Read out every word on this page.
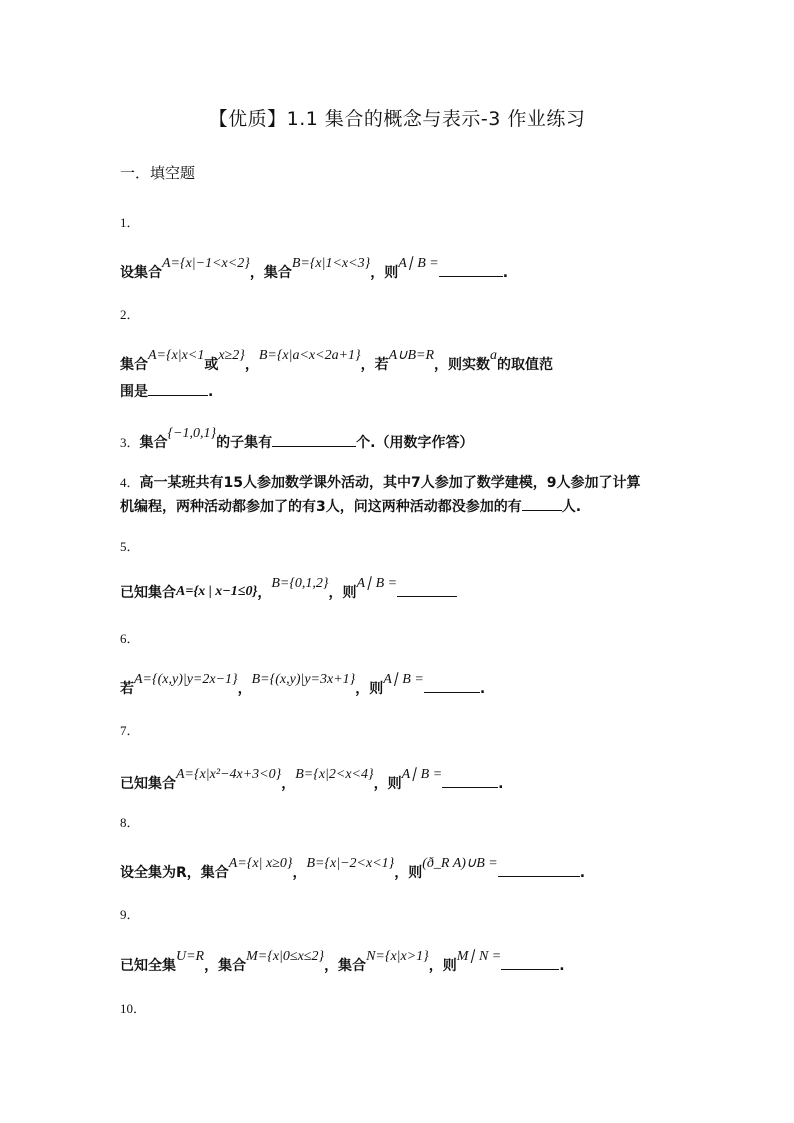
【优质】1.1 集合的概念与表示-3 作业练习
一．填空题
1．
设集合A={x|−1<x<2}，集合B={x|1<x<3}，则A∣ B =.
2．
集合A={x|x<1或x≥2}，B={x|a<x<2a+1}，若A∪B=R，则实数a的取值范
围是	.
3．集合{−1,0,1}的子集有	个.（用数字作答）
4．高一某班共有15人参加数学课外活动，其中7人参加了数学建模，9人参加了计算
机编程，两种活动都参加了的有3人，问这两种活动都没参加的有	人.
5．
已知集合A={x | x−1≤0}，B={0,1,2}，则A∣ B =
6．
若A={(x,y)|y=2x−1}，B={(x,y)|y=3x+1}，则A∣ B =.
7．
已知集合A={x|x²−4x+3<0}，B={x|2<x<4}，则A∣ B =.
8．
设全集为R，集合A={x| x≥0}，B={x|−2<x<1}，则(ð_R A)∪B =.
9．
已知全集U=R，集合M={x|0≤x≤2}，集合N={x|x>1}，则M∣ N =.
10．
